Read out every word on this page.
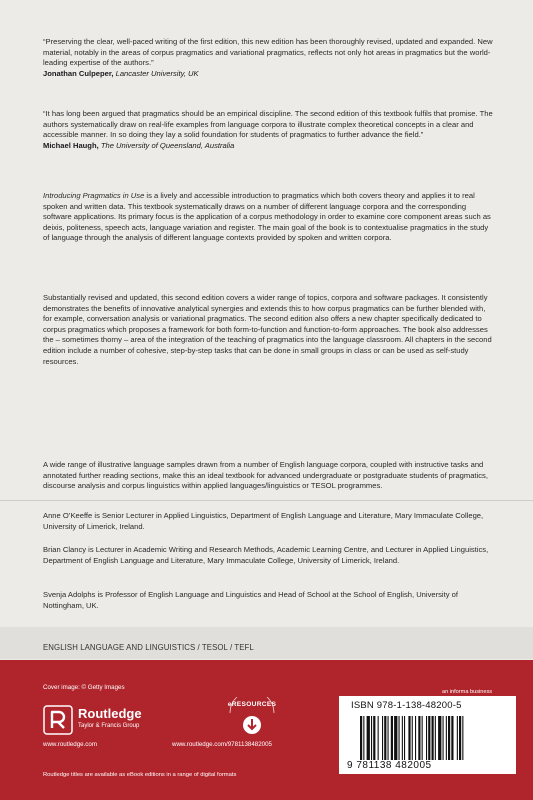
“Preserving the clear, well-paced writing of the first edition, this new edition has been thoroughly revised, updated and expanded. New material, notably in the areas of corpus pragmatics and variational pragmatics, reflects not only hot areas in pragmatics but the world-leading expertise of the authors.”

Jonathan Culpeper, Lancaster University, UK

“It has long been argued that pragmatics should be an empirical discipline. The second edition of this textbook fulfils that promise. The authors systematically draw on real-life examples from language corpora to illustrate complex theoretical concepts in a clear and accessible manner. In so doing they lay a solid foundation for students of pragmatics to further advance the field.”

Michael Haugh, The University of Queensland, Australia

Introducing Pragmatics in Use is a lively and accessible introduction to pragmatics which both covers theory and applies it to real spoken and written data. This textbook systematically draws on a number of different language corpora and the corresponding software applications. Its primary focus is the application of a corpus methodology in order to examine core component areas such as deixis, politeness, speech acts, language variation and register. The main goal of the book is to contextualise pragmatics in the study of language through the analysis of different language contexts provided by spoken and written corpora.

Substantially revised and updated, this second edition covers a wider range of topics, corpora and software packages. It consistently demonstrates the benefits of innovative analytical synergies and extends this to how corpus pragmatics can be further blended with, for example, conversation analysis or variational pragmatics. The second edition also offers a new chapter specifically dedicated to corpus pragmatics which proposes a framework for both form-to-function and function-to-form approaches. The book also addresses the – sometimes thorny – area of the integration of the teaching of pragmatics into the language classroom. All chapters in the second edition include a number of cohesive, step-by-step tasks that can be done in small groups in class or can be used as self-study resources.

A wide range of illustrative language samples drawn from a number of English language corpora, coupled with instructive tasks and annotated further reading sections, make this an ideal textbook for advanced undergraduate or postgraduate students of pragmatics, discourse analysis and corpus linguistics within applied languages/linguistics or TESOL programmes.

Anne O’Keeffe is Senior Lecturer in Applied Linguistics, Department of English Language and Literature, Mary Immaculate College, University of Limerick, Ireland.

Brian Clancy is Lecturer in Academic Writing and Research Methods, Academic Learning Centre, and Lecturer in Applied Linguistics, Department of English Language and Literature, Mary Immaculate College, University of Limerick, Ireland.

Svenja Adolphs is Professor of English Language and Linguistics and Head of School at the School of English, University of Nottingham, UK.

ENGLISH LANGUAGE AND LINGUISTICS / TESOL / TEFL
Cover image: © Getty Images
an informa business
Routledge
Taylor & Francis Group
www.routledge.com
eRESOURCES
www.routledge.com/9781138482005
Routledge titles are available as eBook editions in a range of digital formats
ISBN 978-1-138-48200-5
9 781138 482005
